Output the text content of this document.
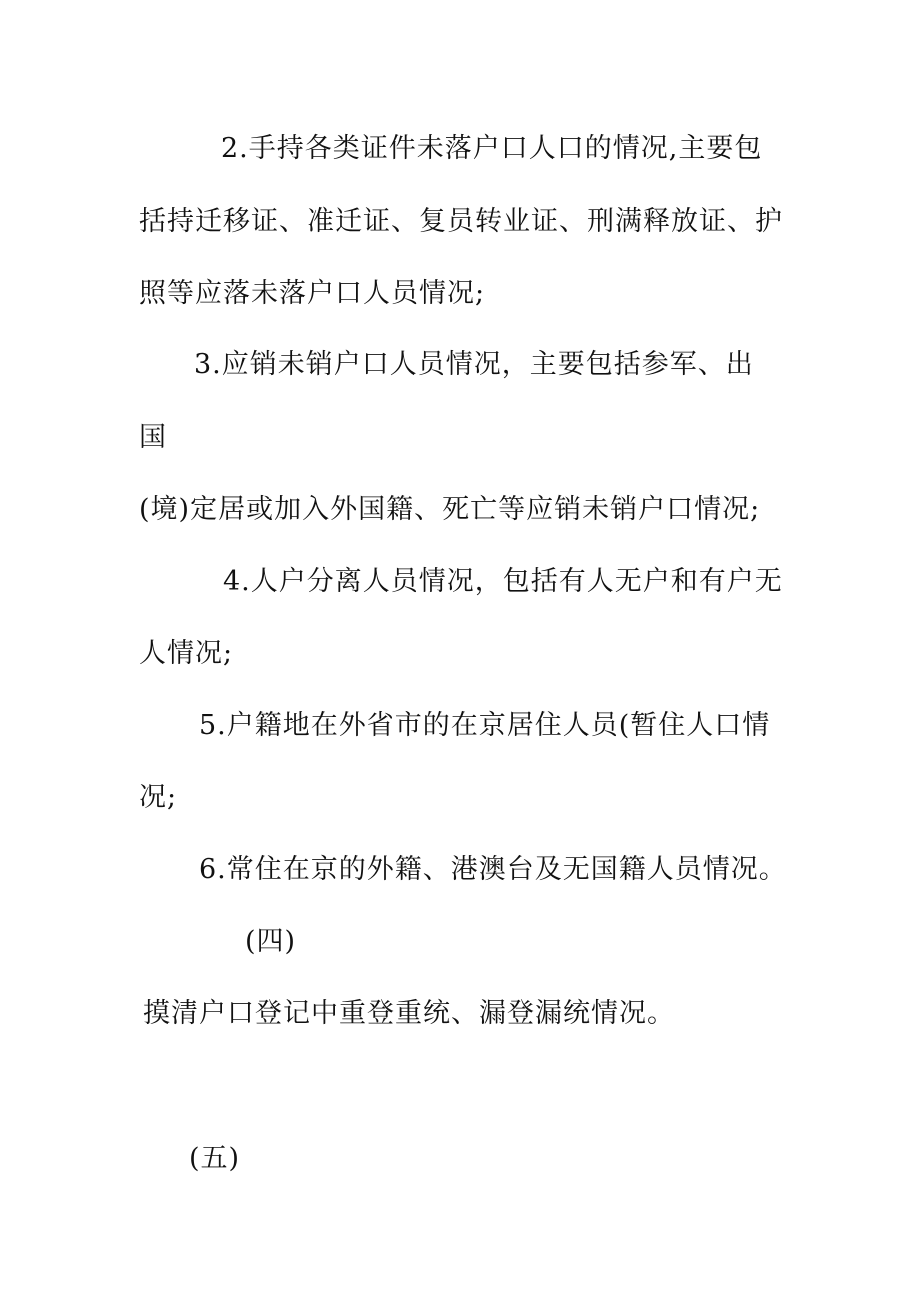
2.手持各类证件未落户口人口的情况,主要包
括持迁移证、准迁证、复员转业证、刑满释放证、护
照等应落未落户口人员情况;
3.应销未销户口人员情况，主要包括参军、出
国
(境)定居或加入外国籍、死亡等应销未销户口情况;
4.人户分离人员情况，包括有人无户和有户无
人情况;
5.户籍地在外省市的在京居住人员(暂住人口情
况;
6.常住在京的外籍、港澳台及无国籍人员情况。
(四)
摸清户口登记中重登重统、漏登漏统情况。
(五)
